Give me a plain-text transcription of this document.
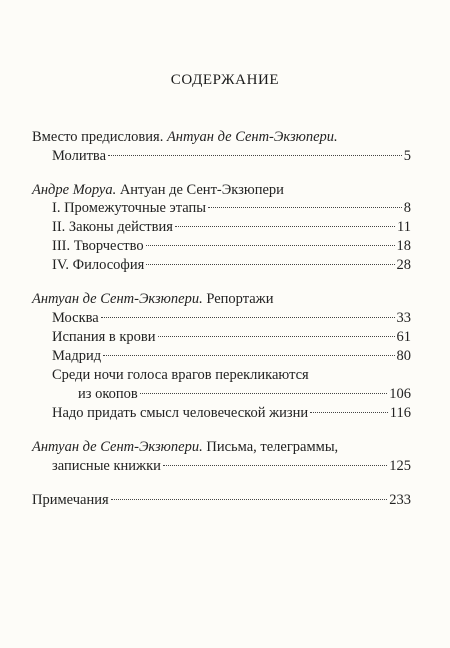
СОДЕРЖАНИЕ
Вместо предисловия. Антуан де Сент-Экзюпери.
Молитва	5
Андре Моруа. Антуан де Сент-Экзюпери
I. Промежуточные этапы	8
II. Законы действия	11
III. Творчество	18
IV. Философия	28
Антуан де Сент-Экзюпери. Репортажи
Москва	33
Испания в крови	61
Мадрид	80
Среди ночи голоса врагов перекликаются
из окопов	106
Надо придать смысл человеческой жизни	116
Антуан де Сент-Экзюпери. Письма, телеграммы,
записные книжки	125
Примечания	233
